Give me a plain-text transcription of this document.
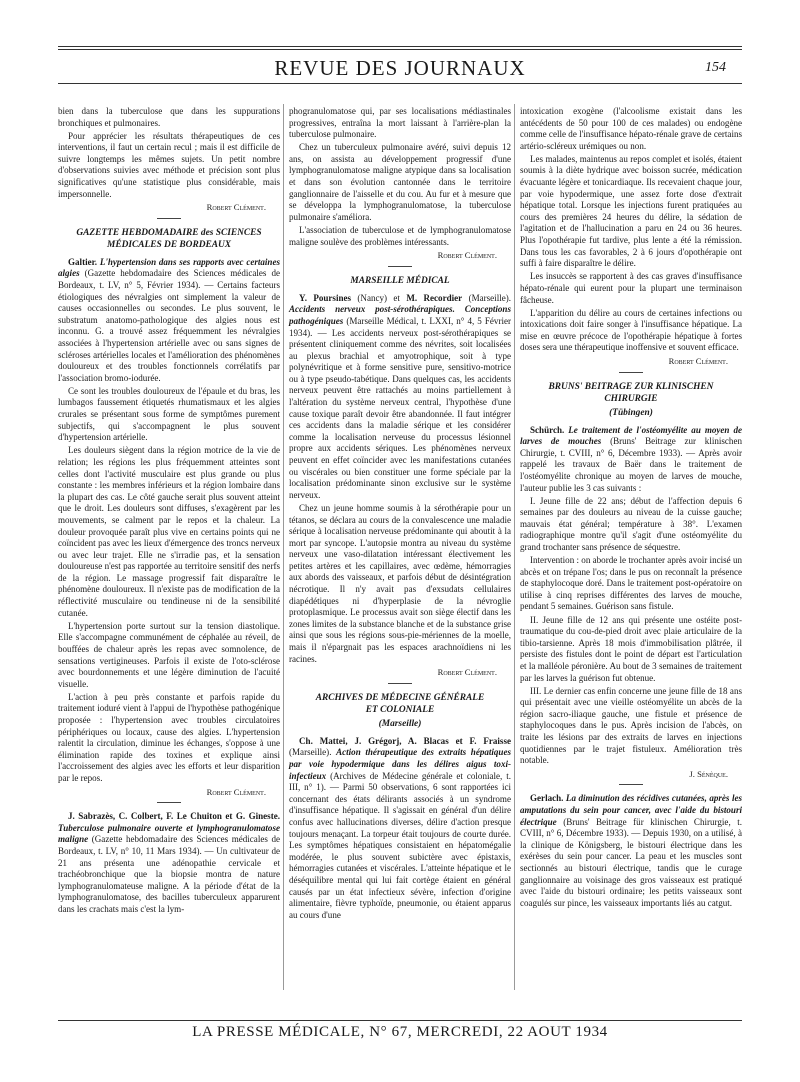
REVUE DES JOURNAUX	154

bien dans la tuberculose que dans les suppurations bronchiques et pulmonaires.

Pour apprécier les résultats thérapeutiques de ces interventions, il faut un certain recul ; mais il est difficile de suivre longtemps les mêmes sujets. Un petit nombre d'observations suivies avec méthode et précision sont plus significatives qu'une statistique plus considérable, mais impersonnelle.

Robert Clément.

GAZETTE HEBDOMADAIRE des SCIENCES MÉDICALES DE BORDEAUX

Galtier. L'hypertension dans ses rapports avec certaines algies (Gazette hebdomadaire des Sciences médicales de Bordeaux, t. LV, n° 5, Février 1934). — Certains facteurs étiologiques des névralgies ont simplement la valeur de causes occasionnelles ou secondes. Le plus souvent, le substratum anatomo-pathologique des algies nous est inconnu. G. a trouvé assez fréquemment les névralgies associées à l'hypertension artérielle avec ou sans signes de scléroses artérielles locales et l'amélioration des phénomènes douloureux et des troubles fonctionnels corrélatifs par l'association bromo-iodurée.

Ce sont les troubles douloureux de l'épaule et du bras, les lumbagos faussement étiquetés rhumatismaux et les algies crurales se présentant sous forme de symptômes purement subjectifs, qui s'accompagnent le plus souvent d'hypertension artérielle.

Les douleurs siègent dans la région motrice de la vie de relation; les régions les plus fréquemment atteintes sont celles dont l'activité musculaire est plus grande ou plus constante : les membres inférieurs et la région lombaire dans la plupart des cas. Le côté gauche serait plus souvent atteint que le droit. Les douleurs sont diffuses, s'exagèrent par les mouvements, se calment par le repos et la chaleur. La douleur provoquée paraît plus vive en certains points qui ne coïncident pas avec les lieux d'émergence des troncs nerveux ou avec leur trajet. Elle ne s'irradie pas, et la sensation douloureuse n'est pas rapportée au territoire sensitif des nerfs de la région. Le massage progressif fait disparaître le phénomène douloureux. Il n'existe pas de modification de la réflectivité musculaire ou tendineuse ni de la sensibilité cutanée.

L'hypertension porte surtout sur la tension diastolique. Elle s'accompagne communément de céphalée au réveil, de bouffées de chaleur après les repas avec somnolence, de sensations vertigineuses. Parfois il existe de l'oto-sclérose avec bourdonnements et une légère diminution de l'acuité visuelle.

L'action à peu près constante et parfois rapide du traitement ioduré vient à l'appui de l'hypothèse pathogénique proposée : l'hypertension avec troubles circulatoires périphériques ou locaux, cause des algies. L'hypertension ralentit la circulation, diminue les échanges, s'oppose à une élimination rapide des toxines et explique ainsi l'accroissement des algies avec les efforts et leur disparition par le repos.

Robert Clément.

J. Sabrazès, C. Colbert, F. Le Chuiton et G. Gineste. Tuberculose pulmonaire ouverte et lymphogranulomatose maligne (Gazette hebdomadaire des Sciences médicales de Bordeaux, t. LV, n° 10, 11 Mars 1934). — Un cultivateur de 21 ans présenta une adénopathie cervicale et trachéobronchique que la biopsie montra de nature lymphogranulomateuse maligne. A la période d'état de la lymphogranulomatose, des bacilles tuberculeux apparurent dans les crachats mais c'est la lym-

phogranulomatose qui, par ses localisations médiastinales progressives, entraîna la mort laissant à l'arrière-plan la tuberculose pulmonaire.

Chez un tuberculeux pulmonaire avéré, suivi depuis 12 ans, on assista au développement progressif d'une lymphogranulomatose maligne atypique dans sa localisation et dans son évolution cantonnée dans le territoire ganglionnaire de l'aisselle et du cou. Au fur et à mesure que se développa la lymphogranulomatose, la tuberculose pulmonaire s'améliora.

L'association de tuberculose et de lymphogranulomatose maligne soulève des problèmes intéressants.

Robert Clément.

MARSEILLE MÉDICAL

Y. Poursines (Nancy) et M. Recordier (Marseille). Accidents nerveux post-sérothérapiques. Conceptions pathogéniques (Marseille Médical, t. LXXI, n° 4, 5 Février 1934). — Les accidents nerveux post-sérothérapiques se présentent cliniquement comme des névrites, soit localisées au plexus brachial et amyotrophique, soit à type polynévritique et à forme sensitive pure, sensitivo-motrice ou à type pseudo-tabétique. Dans quelques cas, les accidents nerveux peuvent être rattachés au moins partiellement à l'altération du système nerveux central, l'hypothèse d'une cause toxique paraît devoir être abandonnée. Il faut intégrer ces accidents dans la maladie sérique et les considérer comme la localisation nerveuse du processus lésionnel propre aux accidents sériques. Les phénomènes nerveux peuvent en effet coïncider avec les manifestations cutanées ou viscérales ou bien constituer une forme spéciale par la localisation prédominante sinon exclusive sur le système nerveux.

Chez un jeune homme soumis à la sérothérapie pour un tétanos, se déclara au cours de la convalescence une maladie sérique à localisation nerveuse prédominante qui aboutit à la mort par syncope. L'autopsie montra au niveau du système nerveux une vaso-dilatation intéressant électivement les petites artères et les capillaires, avec œdème, hémorragies aux abords des vaisseaux, et parfois début de désintégration nécrotique. Il n'y avait pas d'exsudats cellulaires diapédétiques ni d'hyperplasie de la névroglie protoplasmique. Le processus avait son siège électif dans les zones limites de la substance blanche et de la substance grise ainsi que sous les régions sous-pie-mériennes de la moelle, mais il n'épargnait pas les espaces arachnoïdiens ni les racines.

Robert Clément.

ARCHIVES DE MÉDECINE GÉNÉRALE

ET COLONIALE

(Marseille)

Ch. Mattei, J. Grégorj, A. Blacas et F. Fraisse (Marseille). Action thérapeutique des extraits hépatiques par voie hypodermique dans les délires aigus toxi-infectieux (Archives de Médecine générale et coloniale, t. III, n° 1). — Parmi 50 observations, 6 sont rapportées ici concernant des états délirants associés à un syndrome d'insuffisance hépatique. Il s'agissait en général d'un délire confus avec hallucinations diverses, délire d'action presque toujours menaçant. La torpeur était toujours de courte durée. Les symptômes hépatiques consistaient en hépatomégalie modérée, le plus souvent subictère avec épistaxis, hémorragies cutanées et viscérales. L'atteinte hépatique et le déséquilibre mental qui lui fait cortège étaient en général causés par un état infectieux sévère, infection d'origine alimentaire, fièvre typhoïde, pneumonie, ou étaient apparus au cours d'une

intoxication exogène (l'alcoolisme existait dans les antécédents de 50 pour 100 de ces malades) ou endogène comme celle de l'insuffisance hépato-rénale grave de certains artério-scléreux urémiques ou non.

Les malades, maintenus au repos complet et isolés, étaient soumis à la diète hydrique avec boisson sucrée, médication évacuante légère et tonicardiaque. Ils recevaient chaque jour, par voie hypodermique, une assez forte dose d'extrait hépatique total. Lorsque les injections furent pratiquées au cours des premières 24 heures du délire, la sédation de l'agitation et de l'hallucination a paru en 24 ou 36 heures. Plus l'opothérapie fut tardive, plus lente a été la rémission. Dans tous les cas favorables, 2 à 6 jours d'opothérapie ont suffi à faire disparaître le délire.

Les insuccès se rapportent à des cas graves d'insuffisance hépato-rénale qui eurent pour la plupart une terminaison fâcheuse.

L'apparition du délire au cours de certaines infections ou intoxications doit faire songer à l'insuffisance hépatique. La mise en œuvre précoce de l'opothérapie hépatique à fortes doses sera une thérapeutique inoffensive et souvent efficace.

Robert Clément.

BRUNS' BEITRAGE ZUR KLINISCHEN

CHIRURGIE

(Tübingen)

Schürch. Le traitement de l'ostéomyélite au moyen de larves de mouches (Bruns' Beitrage zur klinischen Chirurgie, t. CVIII, n° 6, Décembre 1933). — Après avoir rappelé les travaux de Baër dans le traitement de l'ostéomyélite chronique au moyen de larves de mouche, l'auteur publie les 3 cas suivants :

I. Jeune fille de 22 ans; début de l'affection depuis 6 semaines par des douleurs au niveau de la cuisse gauche; mauvais état général; température à 38°. L'examen radiographique montre qu'il s'agit d'une ostéomyélite du grand trochanter sans présence de séquestre.

Intervention : on aborde le trochanter après avoir incisé un abcès et on trépane l'os; dans le pus on reconnaît la présence de staphylocoque doré. Dans le traitement post-opératoire on utilise à cinq reprises différentes des larves de mouche, pendant 5 semaines. Guérison sans fistule.

II. Jeune fille de 12 ans qui présente une ostéite post-traumatique du cou-de-pied droit avec plaie articulaire de la tibio-tarsienne. Après 18 mois d'immobilisation plâtrée, il persiste des fistules dont le point de départ est l'articulation et la malléole péronière. Au bout de 3 semaines de traitement par les larves la guérison fut obtenue.

III. Le dernier cas enfin concerne une jeune fille de 18 ans qui présentait avec une vieille ostéomyélite un abcès de la région sacro-iliaque gauche, une fistule et présence de staphylocoques dans le pus. Après incision de l'abcès, on traite les lésions par des extraits de larves en injections quotidiennes par le trajet fistuleux. Amélioration très notable.

J. Sénèque.

Gerlach. La diminution des récidives cutanées, après les amputations du sein pour cancer, avec l'aide du bistouri électrique (Bruns' Beitrage für klinischen Chirurgie, t. CVIII, n° 6, Décembre 1933). — Depuis 1930, on a utilisé, à la clinique de Königsberg, le bistouri électrique dans les exérèses du sein pour cancer. La peau et les muscles sont sectionnés au bistouri électrique, tandis que le curage ganglionnaire au voisinage des gros vaisseaux est pratiqué avec l'aide du bistouri ordinaire; les petits vaisseaux sont coagulés sur pince, les vaisseaux importants liés au catgut.

LA PRESSE MÉDICALE, N° 67, MERCREDI, 22 AOUT 1934
